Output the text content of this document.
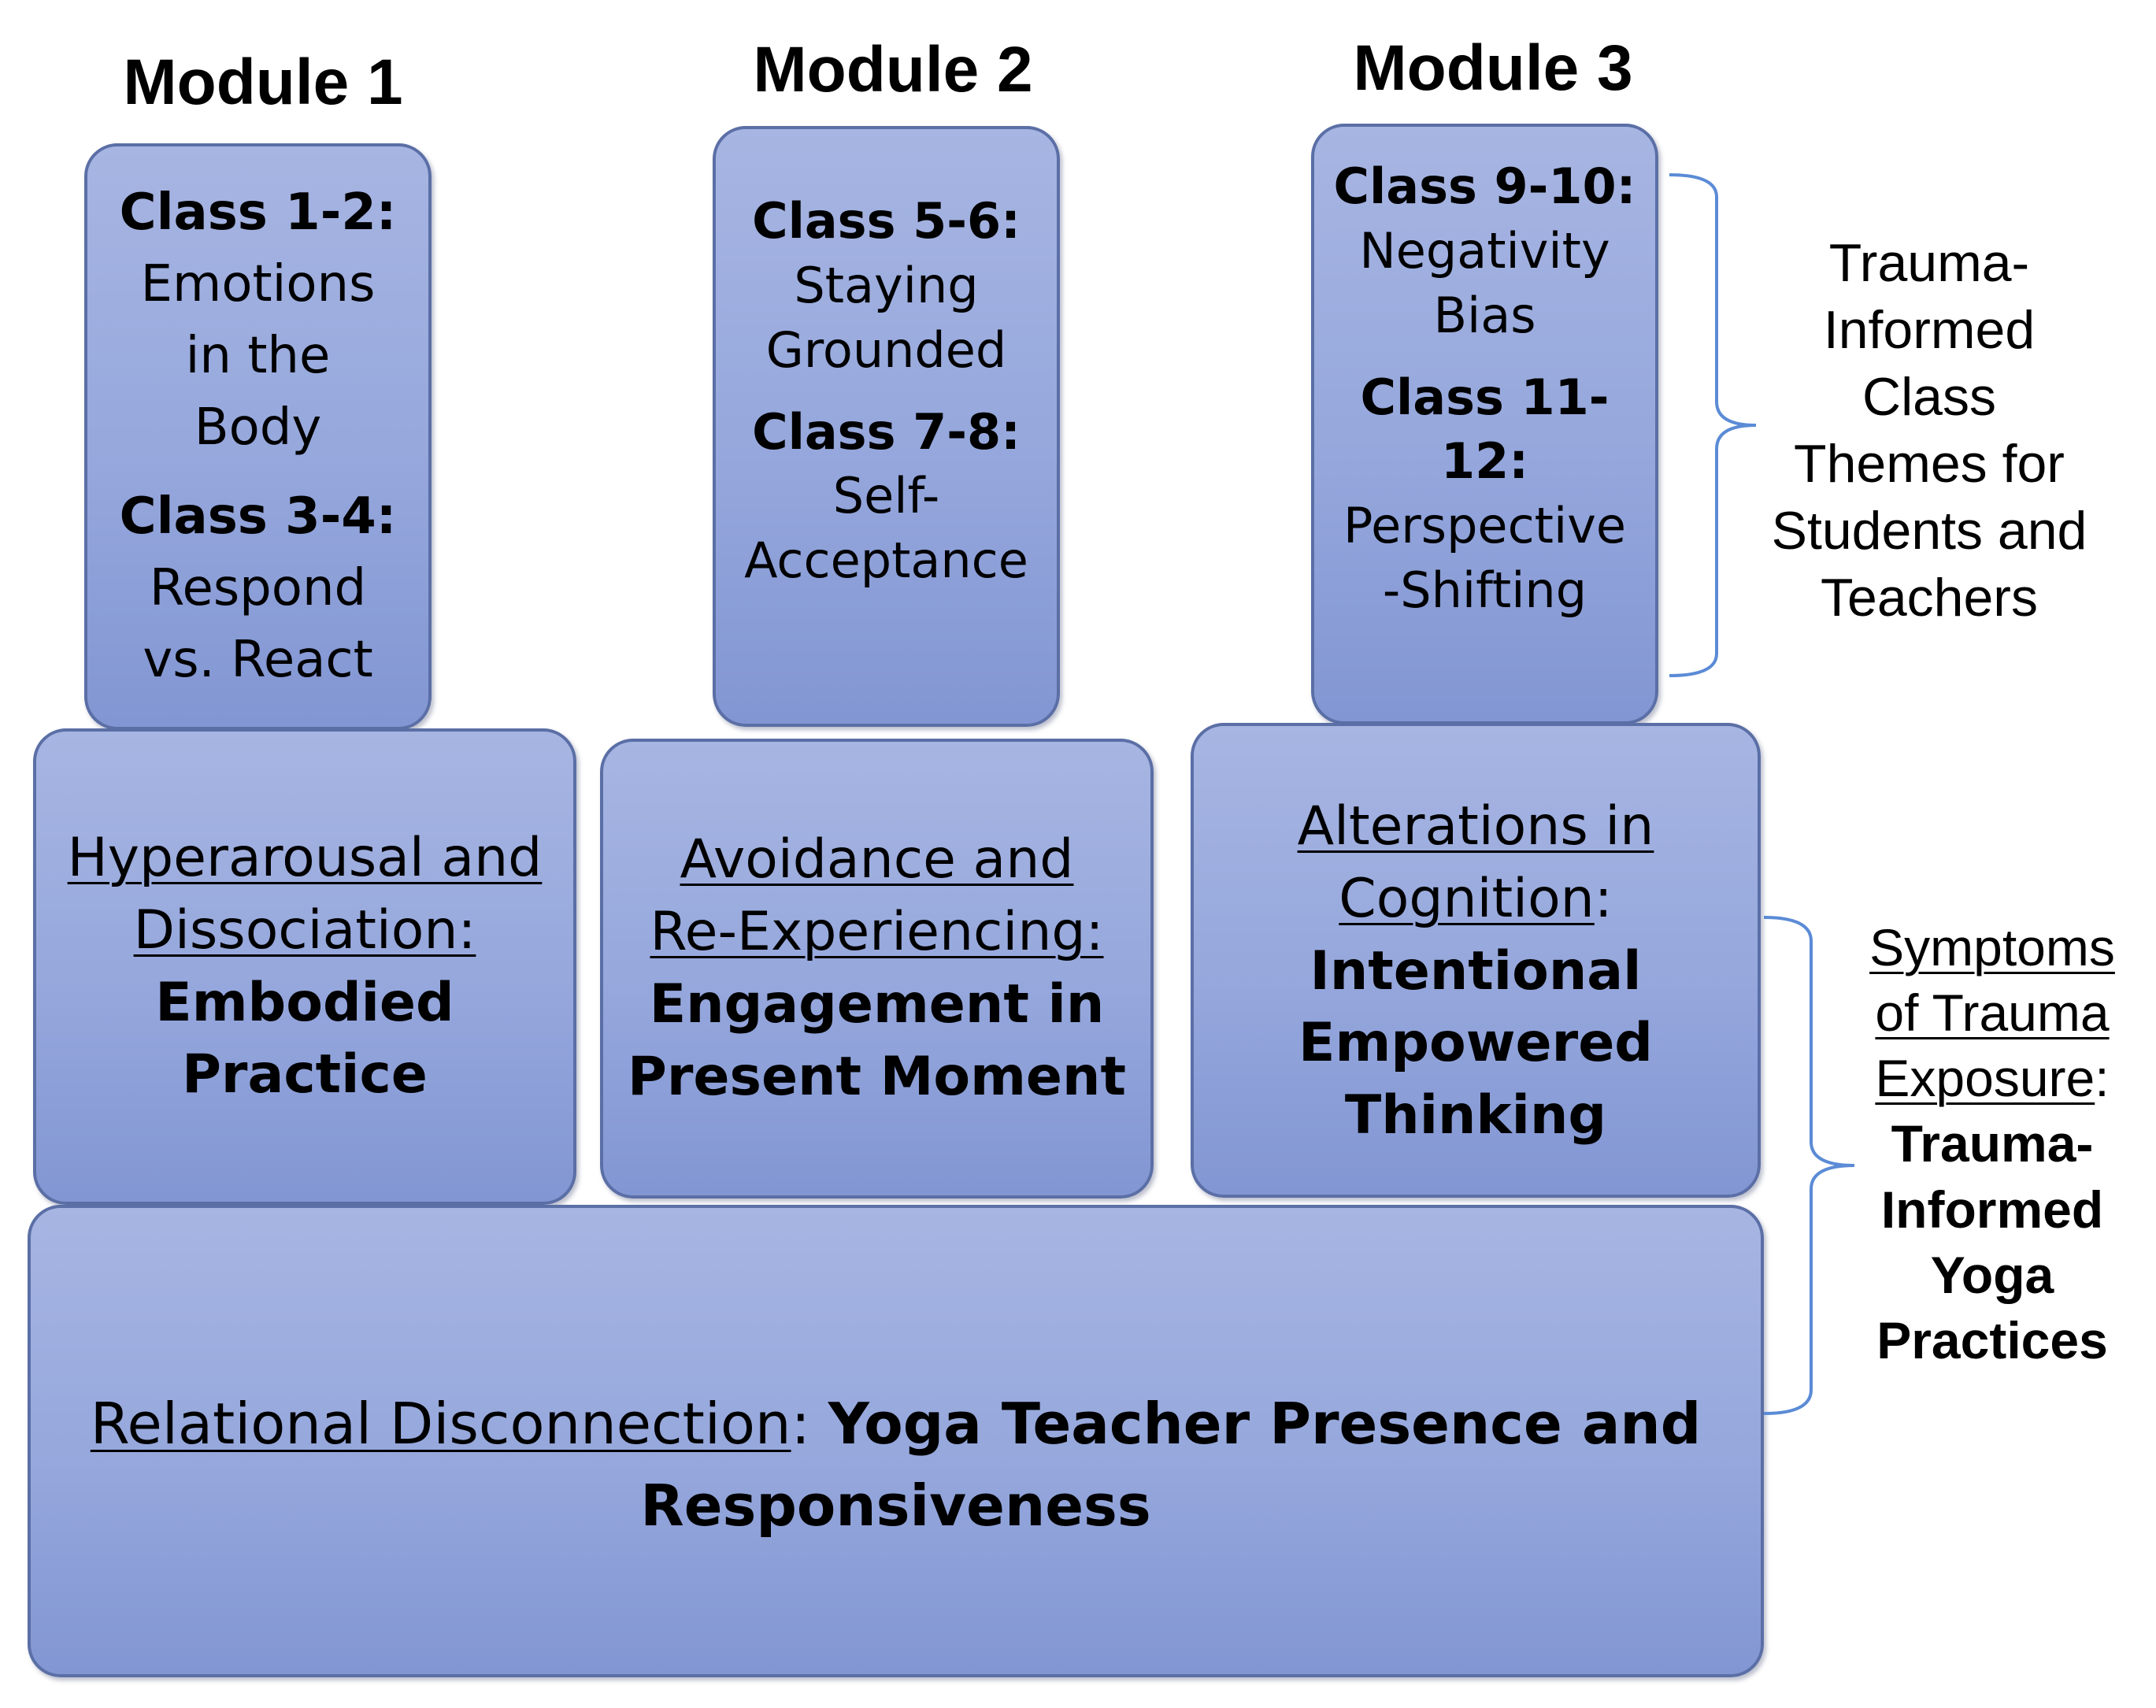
Module 1	Module 2	Module 3
Class 1-2:
Emotions
in the
Body
Class 3-4:
Respond
vs. React
Class 5-6:
Staying
Grounded
Class 7-8:
Self-
Acceptance
Class 9-10:
Negativity
Bias
Class 11-12:
Perspective
-Shifting
Hyperarousal and
Dissociation:
Embodied
Practice
Avoidance and
Re-Experiencing:
Engagement in
Present Moment
Alterations in
Cognition:
Intentional
Empowered
Thinking
Relational Disconnection: Yoga Teacher Presence and
Responsiveness
Trauma-
Informed
Class
Themes for
Students and
Teachers
Symptoms
of Trauma
Exposure:
Trauma-
Informed
Yoga
Practices
